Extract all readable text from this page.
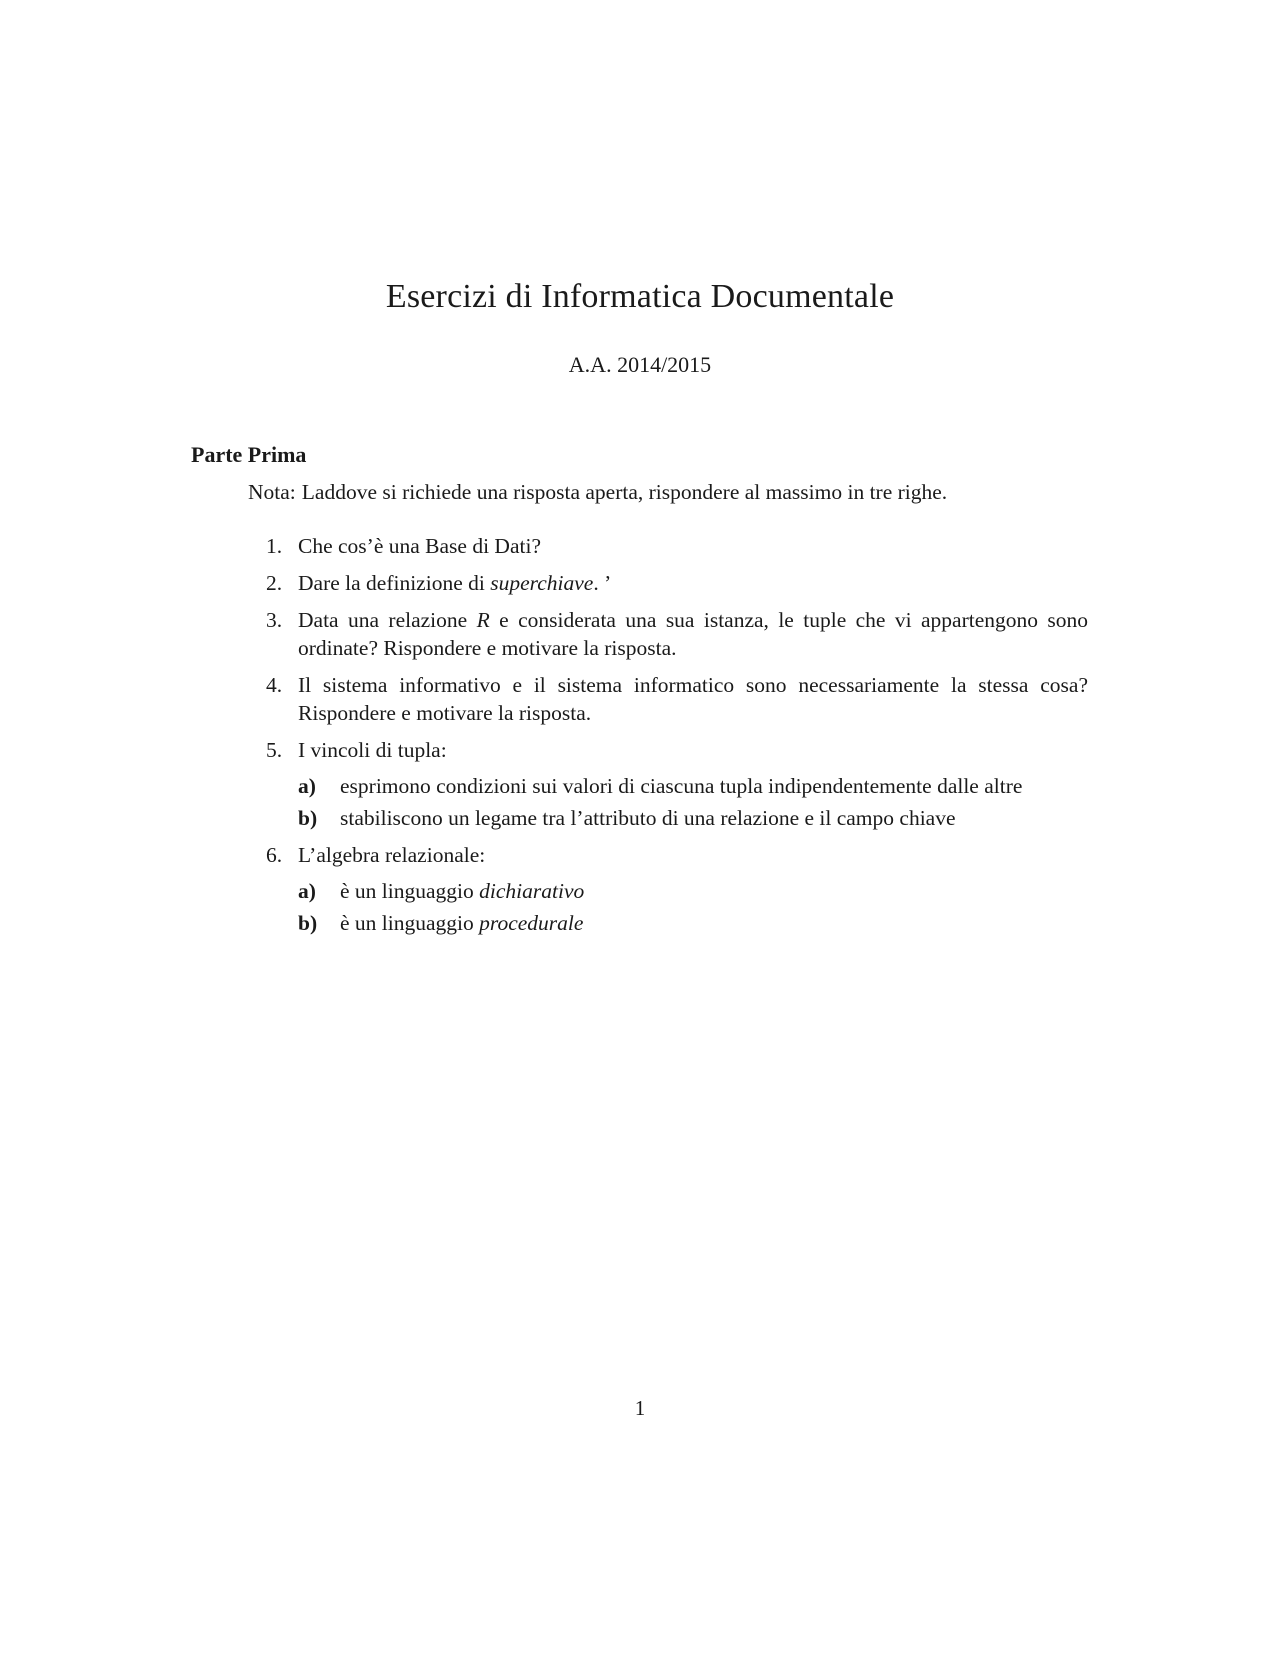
Esercizi di Informatica Documentale
A.A. 2014/2015
Parte Prima
Nota: Laddove si richiede una risposta aperta, rispondere al massimo in tre righe.
1. Che cos’è una Base di Dati?
2. Dare la definizione di superchiave. ’
3. Data una relazione R e considerata una sua istanza, le tuple che vi appartengono sono ordinate? Rispondere e motivare la risposta.
4. Il sistema informativo e il sistema informatico sono necessariamente la stessa cosa? Rispondere e motivare la risposta.
5. I vincoli di tupla:
a) esprimono condizioni sui valori di ciascuna tupla indipendentemente dalle altre
b) stabiliscono un legame tra l’attributo di una relazione e il campo chiave
6. L’algebra relazionale:
a) è un linguaggio dichiarativo
b) è un linguaggio procedurale
1
